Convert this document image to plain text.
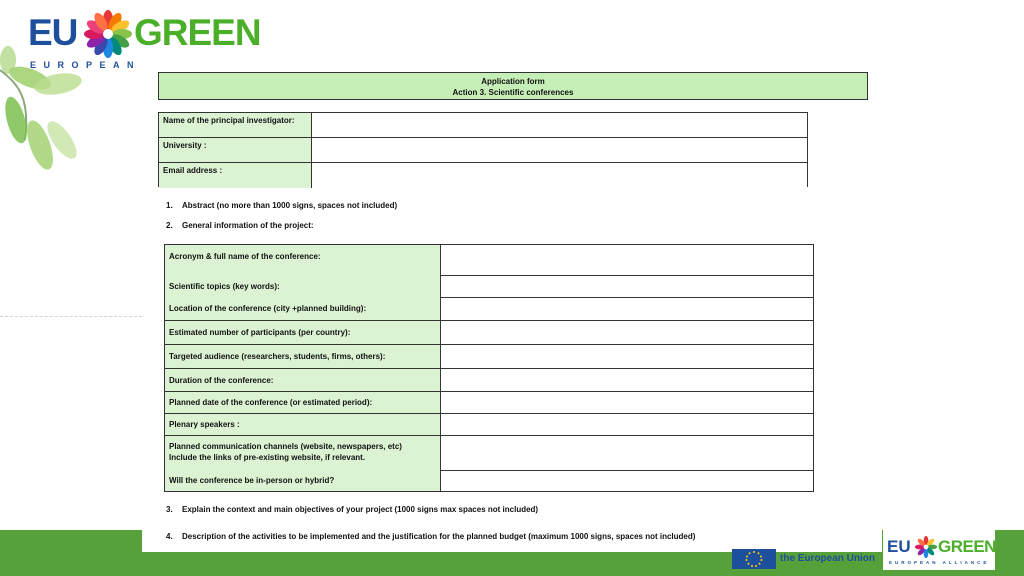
EU GREEN
EUROPEAN
Application form
Action 3. Scientific conferences
Name of the principal investigator:
University :
Email address :
1. Abstract (no more than 1000 signs, spaces not included)
2. General information of the project:
Acronym & full name of the conference:
Scientific topics (key words):
Location of the conference (city +planned building):
Estimated number of participants (per country):
Targeted audience (researchers, students, firms, others):
Duration of the conference:
Planned date of the conference (or estimated period):
Plenary speakers :
Planned communication channels (website, newspapers, etc)
Include the links of pre-existing website, if relevant.
Will the conference be in-person or hybrid?
3. Explain the context and main objectives of your project (1000 signs max spaces not included)
4. Description of the activities to be implemented and the justification for the planned budget (maximum 1000 signs, spaces not included)
the European Union
EU GREEN
EUROPEAN ALLIANCE
